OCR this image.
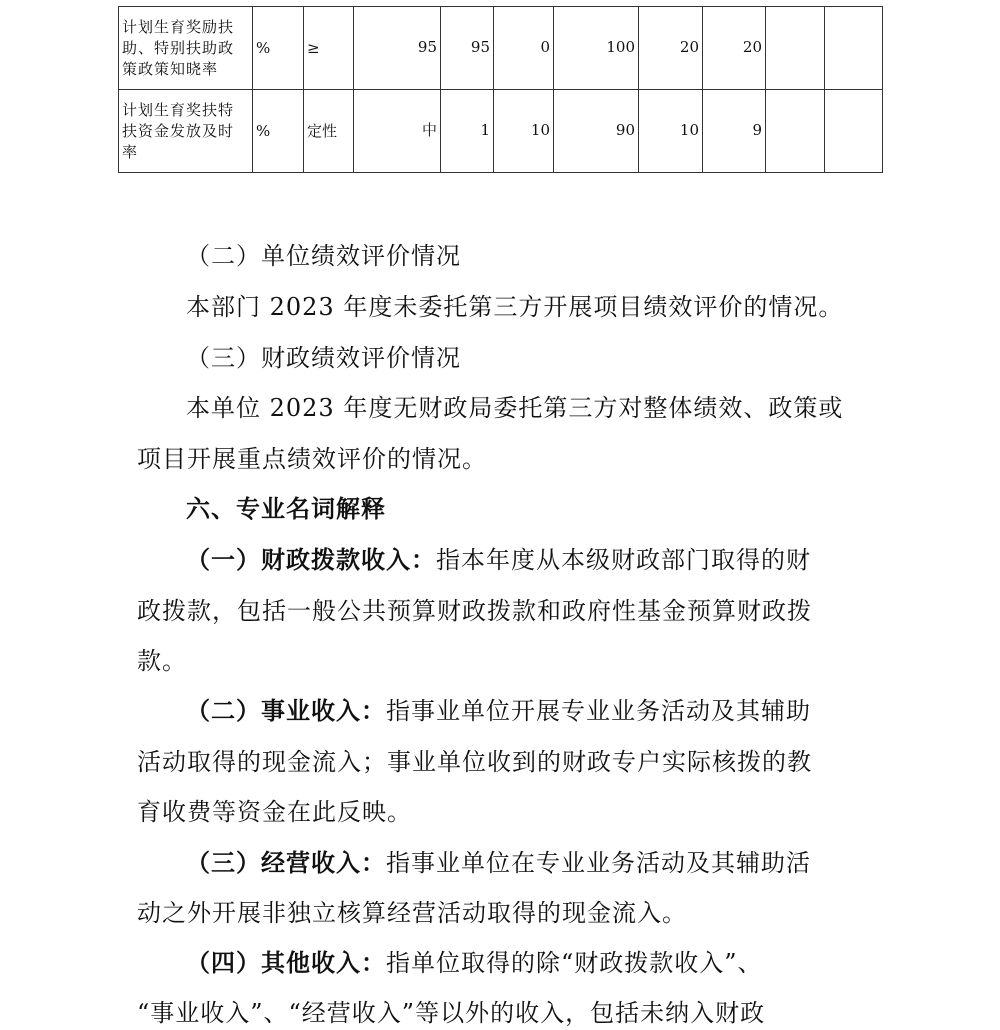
计划生育奖励扶助、特别扶助政策政策知晓率	%	≥	95	95	0	100	20	20		
计划生育奖扶特扶资金发放及时率	%	定性	中	1	10	90	10	9		

（二）单位绩效评价情况

本部门 2023 年度未委托第三方开展项目绩效评价的情况。

（三）财政绩效评价情况

本单位 2023 年度无财政局委托第三方对整体绩效、政策或

项目开展重点绩效评价的情况。

六、专业名词解释

（一）财政拨款收入：指本年度从本级财政部门取得的财

政拨款，包括一般公共预算财政拨款和政府性基金预算财政拨

款。

（二）事业收入：指事业单位开展专业业务活动及其辅助

活动取得的现金流入；事业单位收到的财政专户实际核拨的教

育收费等资金在此反映。

（三）经营收入：指事业单位在专业业务活动及其辅助活

动之外开展非独立核算经营活动取得的现金流入。

（四）其他收入：指单位取得的除“财政拨款收入”、

“事业收入”、“经营收入”等以外的收入，包括未纳入财政
